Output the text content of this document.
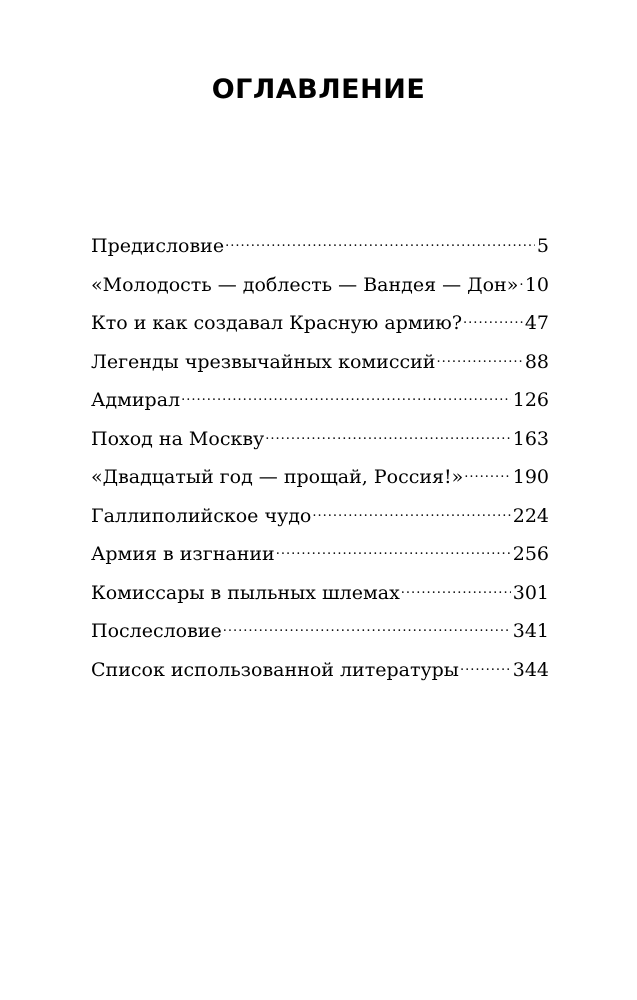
ОГЛАВЛЕНИЕ
Предисловие .....	5
«Молодость — доблесть — Вандея — Дон» ..... 10
Кто и как создавал Красную армию? .....	47
Легенды чрезвычайных комиссий .....	88
Адмирал .....	126
Поход на Москву .....	163
«Двадцатый год — прощай, Россия!» .....	190
Галлиполийское чудо .....	224
Армия в изгнании .....	256
Комиссары в пыльных шлемах .....	301
Послесловие .....	341
Список использованной литературы .....	344
